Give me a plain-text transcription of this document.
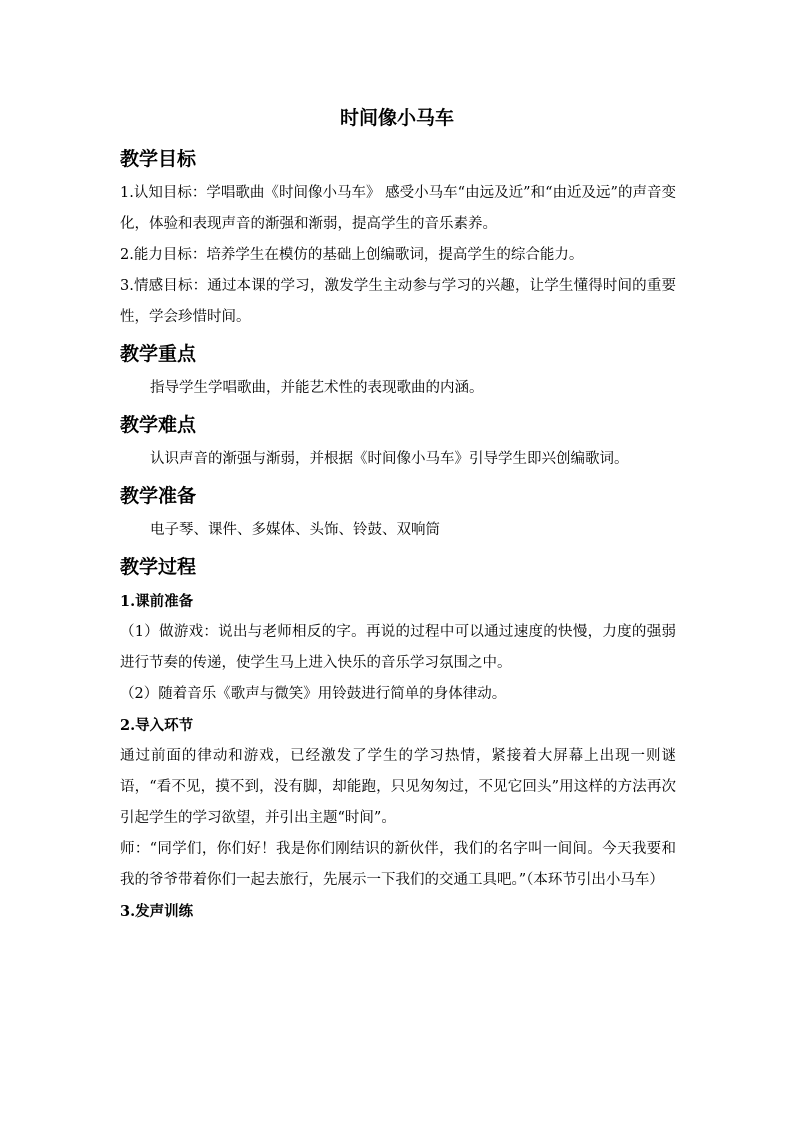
时间像小马车
教学目标

1.认知目标：学唱歌曲《时间像小马车》 感受小马车“由远及近”和“由近及远”的声音变化，体验和表现声音的渐强和渐弱，提高学生的音乐素养。

2.能力目标：培养学生在模仿的基础上创编歌词，提高学生的综合能力。

3.情感目标：通过本课的学习，激发学生主动参与学习的兴趣，让学生懂得时间的重要性，学会珍惜时间。

教学重点

指导学生学唱歌曲，并能艺术性的表现歌曲的内涵。

教学难点

认识声音的渐强与渐弱，并根据《时间像小马车》引导学生即兴创编歌词。

教学准备

电子琴、课件、多媒体、头饰、铃鼓、双响筒

教学过程
1.课前准备

（1）做游戏：说出与老师相反的字。再说的过程中可以通过速度的快慢，力度的强弱进行节奏的传递，使学生马上进入快乐的音乐学习氛围之中。

（2）随着音乐《歌声与微笑》用铃鼓进行简单的身体律动。

2.导入环节

通过前面的律动和游戏，已经激发了学生的学习热情，紧接着大屏幕上出现一则谜语，“看不见，摸不到，没有脚，却能跑，只见匆匆过，不见它回头”用这样的方法再次引起学生的学习欲望，并引出主题“时间”。

师：“同学们，你们好！我是你们刚结识的新伙伴，我们的名字叫一间间。今天我要和我的爷爷带着你们一起去旅行，先展示一下我们的交通工具吧。”（本环节引出小马车）

3.发声训练
